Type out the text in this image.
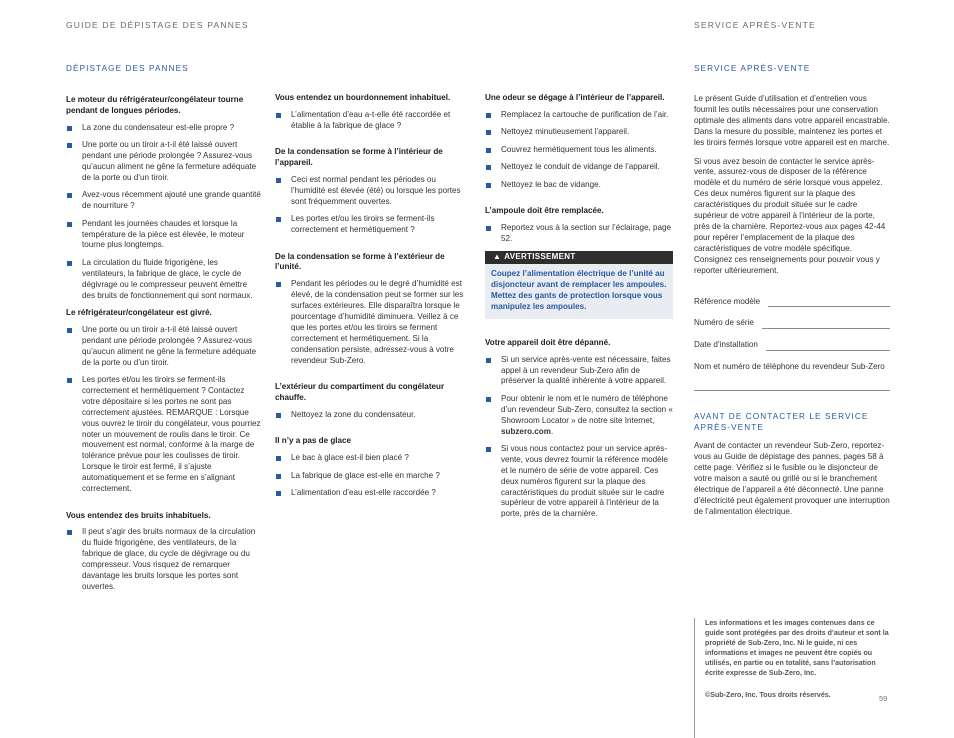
GUIDE DE DÉPISTAGE DES PANNES	SERVICE APRÈS-VENTE
DÉPISTAGE DES PANNES	SERVICE APRÈS-VENTE
Le moteur du réfrigérateur/congélateur tourne pendant de longues périodes.
La zone du condensateur est-elle propre ?
Une porte ou un tiroir a-t-il été laissé ouvert pendant une période prolongée ? Assurez-vous qu’aucun aliment ne gêne la fermeture adéquate de la porte ou d’un tiroir.
Avez-vous récemment ajouté une grande quantité de nourriture ?
Pendant les journées chaudes et lorsque la température de la pièce est élevée, le moteur tourne plus longtemps.
La circulation du fluide frigorigène, les ventilateurs, la fabrique de glace, le cycle de dégivrage ou le compresseur peuvent émettre des bruits de fonctionnement qui sont normaux.
Le réfrigérateur/congélateur est givré.
Une porte ou un tiroir a-t-il été laissé ouvert pendant une période prolongée ? Assurez-vous qu’aucun aliment ne gêne la fermeture adéquate de la porte ou d’un tiroir.
Les portes et/ou les tiroirs se ferment-ils correctement et hermétiquement ? Contactez votre dépositaire si les portes ne sont pas correctement ajustées. REMARQUE : Lorsque vous ouvrez le tiroir du congélateur, vous pourriez noter un mouvement de roulis dans le tiroir. Ce mouvement est normal, conforme à la marge de tolérance prévue pour les coulisses de tiroir. Lorsque le tiroir est fermé, il s’ajuste automatiquement et se ferme en s’alignant correctement.
Vous entendez des bruits inhabituels.
Il peut s’agir des bruits normaux de la circulation du fluide frigorigène, des ventilateurs, de la fabrique de glace, du cycle de dégivrage ou du compresseur. Vous risquez de remarquer davantage les bruits lorsque les portes sont ouvertes.
Vous entendez un bourdonnement inhabituel.
L’alimentation d’eau a-t-elle été raccordée et établie à la fabrique de glace ?
De la condensation se forme à l’intérieur de l’appareil.
Ceci est normal pendant les périodes ou l’humidité est élevée (été) ou lorsque les portes sont fréquemment ouvertes.
Les portes et/ou les tiroirs se ferment-ils correctement et hermétiquement ?
De la condensation se forme à l’extérieur de l’unité.
Pendant les périodes ou le degré d’humidité est élevé, de la condensation peut se former sur les surfaces extérieures. Elle disparaîtra lorsque le pourcentage d’humidité diminuera. Veillez à ce que les portes et/ou les tiroirs se ferment correctement et hermétiquement. Si la condensation persiste, adressez-vous à votre revendeur Sub-Zero.
L’extérieur du compartiment du congélateur chauffe.
Nettoyez la zone du condensateur.
Il n’y a pas de glace
Le bac à glace est-il bien placé ?
La fabrique de glace est-elle en marche ?
L’alimentation d’eau est-elle raccordée ?
Une odeur se dégage à l’intérieur de l’appareil.
Remplacez la cartouche de purification de l’air.
Nettoyez minutieusement l’appareil.
Couvrez hermétiquement tous les aliments.
Nettoyez le conduit de vidange de l’appareil.
Nettoyez le bac de vidange.
L’ampoule doit être remplacée.
Reportez vous à la section sur l’éclairage, page 52.
▲ AVERTISSEMENT
Coupez l’alimentation électrique de l’unité au disjoncteur avant de remplacer les ampoules. Mettez des gants de protection lorsque vous manipulez les ampoules.
Votre appareil doit être dépanné.
Si un service après-vente est nécessaire, faites appel à un revendeur Sub-Zero afin de préserver la qualité inhérente à votre appareil.
Pour obtenir le nom et le numéro de téléphone d’un revendeur Sub-Zero, consultez la section « Showroom Locator » de notre site Internet, subzero.com.
Si vous nous contactez pour un service après-vente, vous devrez fournir la référence modèle et le numéro de série de votre appareil. Ces deux numéros figurent sur la plaque des caractéristiques du produit située sur le cadre supérieur de votre appareil à l’intérieur de la porte, près de la charnière.
Le présent Guide d’utilisation et d’entretien vous fournit les outils nécessaires pour une conservation optimale des aliments dans votre appareil encastrable. Dans la mesure du possible, maintenez les portes et les tiroirs fermés lorsque votre appareil est en marche.
Si vous avez besoin de contacter le service après-vente, assurez-vous de disposer de la référence modèle et du numéro de série lorsque vous appelez. Ces deux numéros figurent sur la plaque des caractéristiques du produit située sur le cadre supérieur de votre appareil à l’intérieur de la porte, près de la charnière. Reportez-vous aux pages 42-44 pour repérer l’emplacement de la plaque des caractéristiques de votre modèle spécifique. Consignez ces renseignements pour pouvoir vous y reporter ultérieurement.
Référence modèle
Numéro de série
Date d’installation
Nom et numéro de téléphone du revendeur Sub-Zero
AVANT DE CONTACTER LE SERVICE APRÈS-VENTE
Avant de contacter un revendeur Sub-Zero, reportez-vous au Guide de dépistage des pannes, pages 58 à cette page. Vérifiez si le fusible ou le disjoncteur de votre maison a sauté ou grillé ou si le branchement électrique de l’appareil a été déconnecté. Une panne d’électricité peut également provoquer une interruption de l’alimentation électrique.
Les informations et les images contenues dans ce guide sont protégées par des droits d’auteur et sont la propriété de Sub-Zero, Inc. Ni le guide, ni ces informations et images ne peuvent être copiés ou utilisés, en partie ou en totalité, sans l’autorisation écrite expresse de Sub-Zero, Inc.
©Sub-Zero, Inc. Tous droits réservés.	59
